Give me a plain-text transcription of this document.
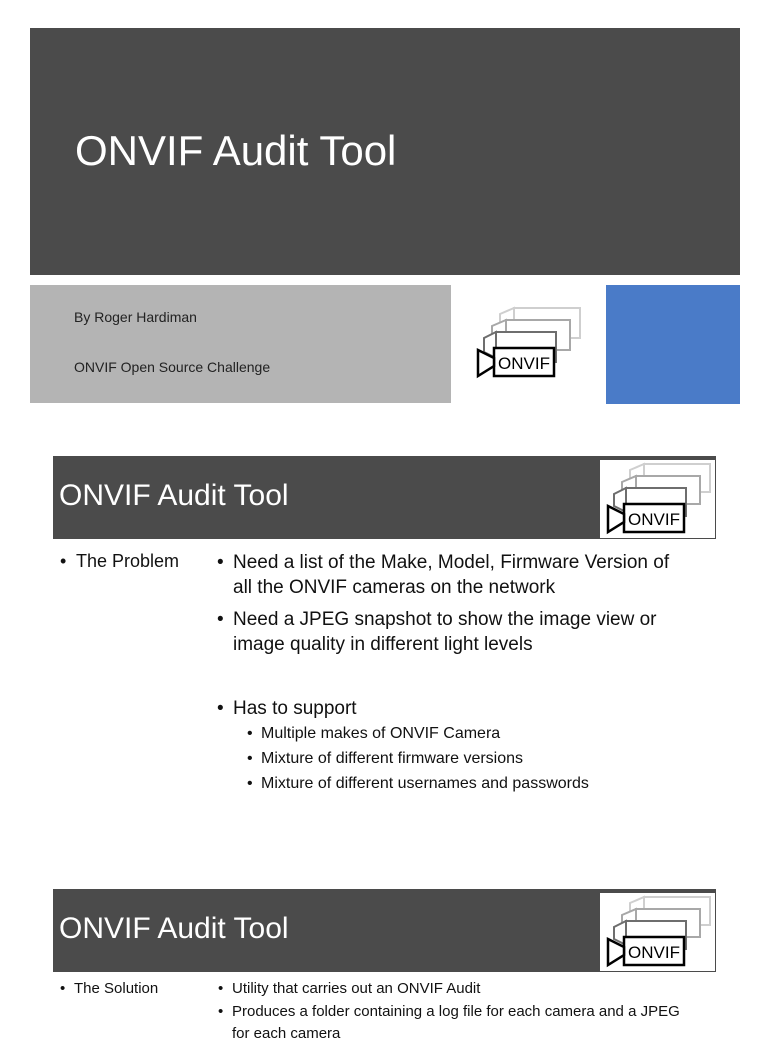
ONVIF Audit Tool
By Roger Hardiman
ONVIF Open Source Challenge	ONVIF
ONVIF Audit Tool
ONVIF
• The Problem • Need a list of the Make, Model, Firmware Version of
all the ONVIF cameras on the network
• Need a JPEG snapshot to show the image view or
image quality in different light levels
• Has to support
• Multiple makes of ONVIF Camera
• Mixture of different firmware versions
• Mixture of different usernames and passwords
ONVIF Audit Tool
ONVIF
• The Solution	• Utility that carries out an ONVIF Audit
• Produces a folder containing a log file for each camera and a JPEG
for each camera
